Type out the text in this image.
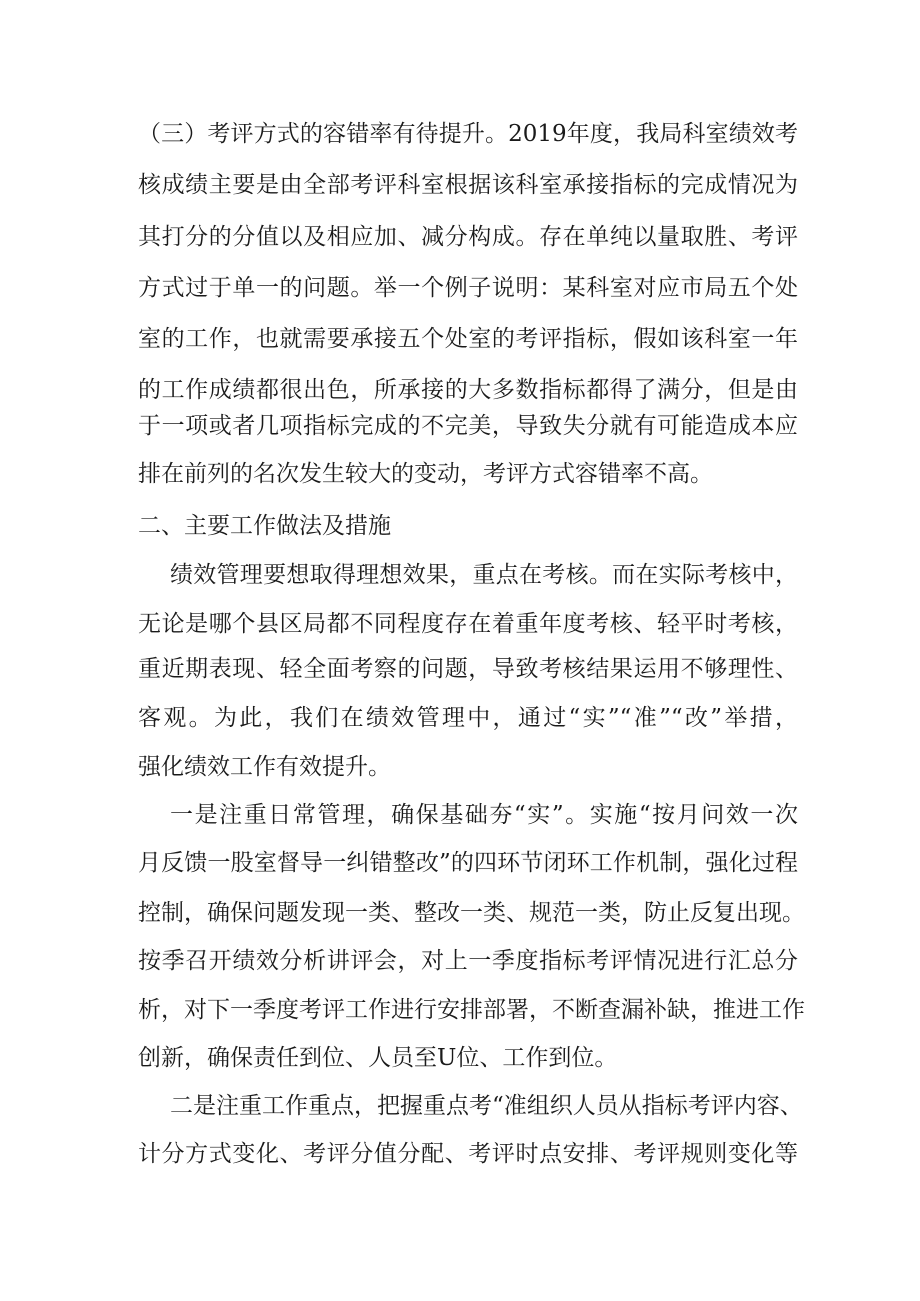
（三）考评方式的容错率有待提升。2019年度，我局科室绩效考
核成绩主要是由全部考评科室根据该科室承接指标的完成情况为
其打分的分值以及相应加、减分构成。存在单纯以量取胜、考评
方式过于单一的问题。举一个例子说明：某科室对应市局五个处
室的工作，也就需要承接五个处室的考评指标，假如该科室一年
的工作成绩都很出色，所承接的大多数指标都得了满分，但是由
于一项或者几项指标完成的不完美，导致失分就有可能造成本应
排在前列的名次发生较大的变动，考评方式容错率不高。
二、主要工作做法及措施
绩效管理要想取得理想效果，重点在考核。而在实际考核中，
无论是哪个县区局都不同程度存在着重年度考核、轻平时考核，
重近期表现、轻全面考察的问题，导致考核结果运用不够理性、
客观。为此，我们在绩效管理中，通过“实”“准”“改”举措，
强化绩效工作有效提升。
一是注重日常管理，确保基础夯“实”。实施“按月问效一次
月反馈一股室督导一纠错整改”的四环节闭环工作机制，强化过程
控制，确保问题发现一类、整改一类、规范一类，防止反复出现。
按季召开绩效分析讲评会，对上一季度指标考评情况进行汇总分
析，对下一季度考评工作进行安排部署，不断查漏补缺，推进工作
创新，确保责任到位、人员至U位、工作到位。
二是注重工作重点，把握重点考“准组织人员从指标考评内容、
计分方式变化、考评分值分配、考评时点安排、考评规则变化等
